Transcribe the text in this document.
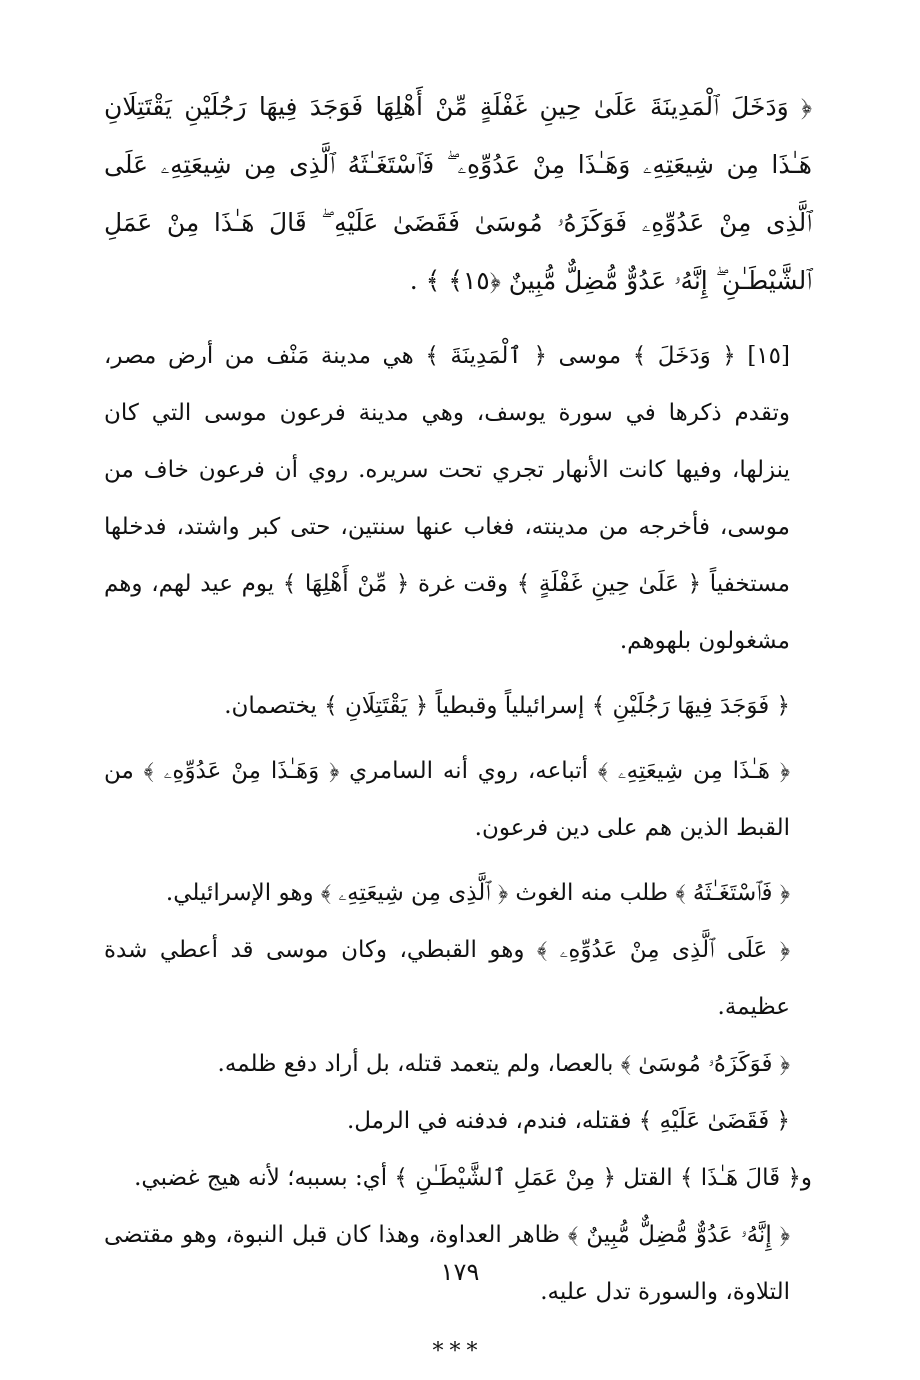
﴿ وَدَخَلَ ٱلْمَدِينَةَ عَلَىٰ حِينِ غَفْلَةٍ مِّنْ أَهْلِهَا فَوَجَدَ فِيهَا رَجُلَيْنِ يَقْتَتِلَانِ هَـٰذَا مِن شِيعَتِهِۦ وَهَـٰذَا مِنْ عَدُوِّهِۦ ۖ فَٱسْتَغَـٰثَهُ ٱلَّذِى مِن شِيعَتِهِۦ عَلَى ٱلَّذِى مِنْ عَدُوِّهِۦ فَوَكَزَهُۥ مُوسَىٰ فَقَضَىٰ عَلَيْهِ ۖ قَالَ هَـٰذَا مِنْ عَمَلِ ٱلشَّيْطَـٰنِ ۖ إِنَّهُۥ عَدُوٌّ مُّضِلٌّ مُّبِينٌ ﴿١٥﴾ ﴾ .

[١٥] ﴿ وَدَخَلَ ﴾ موسى ﴿ ٱلْمَدِينَةَ ﴾ هي مدينة مَنْف من أرض مصر، وتقدم ذكرها في سورة يوسف، وهي مدينة فرعون موسى التي كان ينزلها، وفيها كانت الأنهار تجري تحت سريره. روي أن فرعون خاف من موسى، فأخرجه من مدينته، فغاب عنها سنتين، حتى كبر واشتد، فدخلها مستخفياً ﴿ عَلَىٰ حِينِ غَفْلَةٍ ﴾ وقت غرة ﴿ مِّنْ أَهْلِهَا ﴾ يوم عيد لهم، وهم مشغولون بلهوهم.

﴿ فَوَجَدَ فِيهَا رَجُلَيْنِ ﴾ إسرائيلياً وقبطياً ﴿ يَقْتَتِلَانِ ﴾ يختصمان.

﴿ هَـٰذَا مِن شِيعَتِهِۦ ﴾ أتباعه، روي أنه السامري ﴿ وَهَـٰذَا مِنْ عَدُوِّهِۦ ﴾ من القبط الذين هم على دين فرعون.

﴿ فَٱسْتَغَـٰثَهُ ﴾ طلب منه الغوث ﴿ ٱلَّذِى مِن شِيعَتِهِۦ ﴾ وهو الإسرائيلي.

﴿ عَلَى ٱلَّذِى مِنْ عَدُوِّهِۦ ﴾ وهو القبطي، وكان موسى قد أعطي شدة عظيمة.

﴿ فَوَكَزَهُۥ مُوسَىٰ ﴾ بالعصا، ولم يتعمد قتله، بل أراد دفع ظلمه.

﴿ فَقَضَىٰ عَلَيْهِ ﴾ فقتله، فندم، فدفنه في الرمل.

و﴿ قَالَ هَـٰذَا ﴾ القتل ﴿ مِنْ عَمَلِ ٱلشَّيْطَـٰنِ ﴾ أي: بسببه؛ لأنه هيج غضبي.

﴿ إِنَّهُۥ عَدُوٌّ مُّضِلٌّ مُّبِينٌ ﴾ ظاهر العداوة، وهذا كان قبل النبوة، وهو مقتضى التلاوة، والسورة تدل عليه.

***
١٧٩
